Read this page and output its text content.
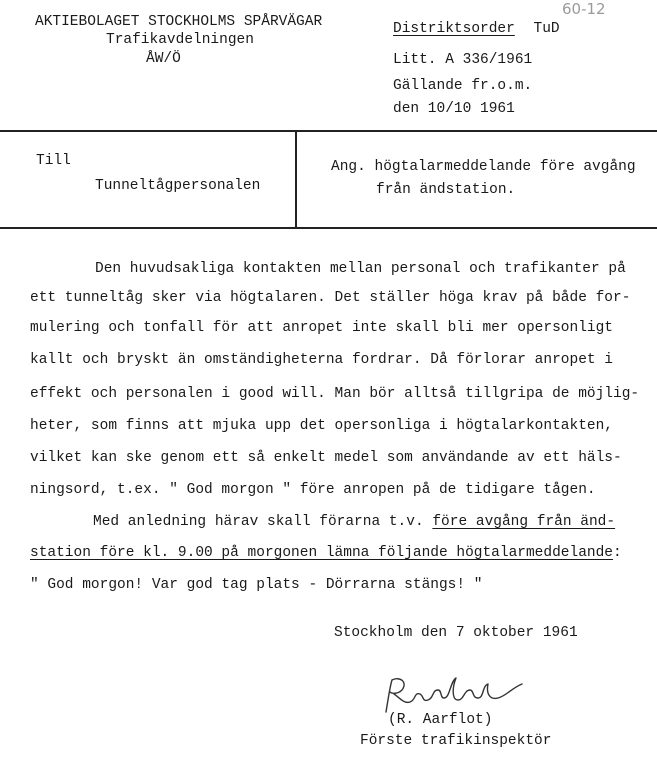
AKTIEBOLAGET STOCKHOLMS SPÅRVÄGAR
Trafikavdelningen
ÅW/Ö
Distriktsorder TuD
Litt. A 336/1961
Gällande fr.o.m.
den 10/10 1961
60-12
Till
Tunneltågpersonalen
Ang. högtalarmeddelande före avgång
från ändstation.
Den huvudsakliga kontakten mellan personal och trafikanter på
ett tunneltåg sker via högtalaren. Det ställer höga krav på både for-
mulering och tonfall för att anropet inte skall bli mer opersonligt
kallt och bryskt än omständigheterna fordrar. Då förlorar anropet i
effekt och personalen i good will. Man bör alltså tillgripa de möjlig-
heter, som finns att mjuka upp det opersonliga i högtalarkontakten,
vilket kan ske genom ett så enkelt medel som användande av ett häls-
ningsord, t.ex. " God morgon " före anropen på de tidigare tågen.
Med anledning härav skall förarna t.v. före avgång från änd-
station före kl. 9.00 på morgonen lämna följande högtalarmeddelande:
" God morgon! Var god tag plats - Dörrarna stängs! "
Stockholm den 7 oktober 1961
(R. Aarflot)
Förste trafikinspektör
